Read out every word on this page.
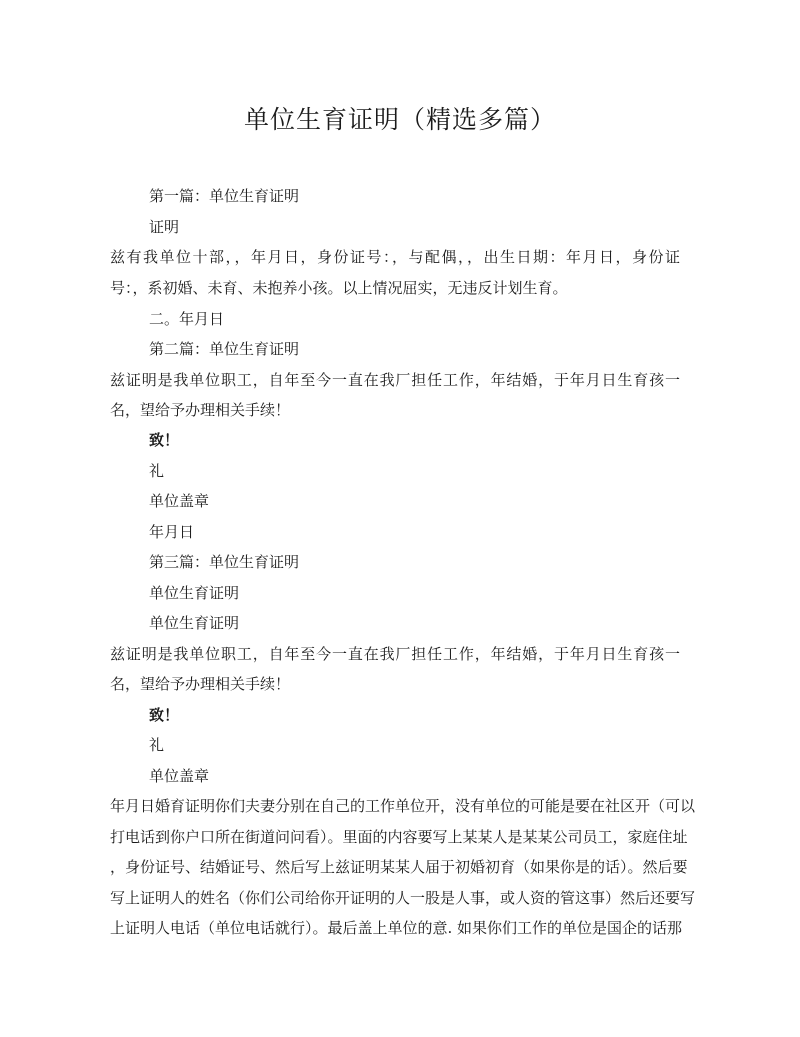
单位生育证明（精选多篇）
第一篇：单位生育证明
证明
兹有我单位十部，，年月日，身份证号：，与配偶，，出生日期：年月日，身份证
号：，系初婚、未育、未抱养小孩。以上情况屈实，无违反计划生育。
二。年月日
第二篇：单位生育证明
兹证明是我单位职工，自年至今一直在我厂担任工作，年结婚，于年月日生育孩一
名，望给予办理相关手续！
致！
礼
单位盖章
年月日
第三篇：单位生育证明
单位生育证明
单位生育证明
兹证明是我单位职工，自年至今一直在我厂担任工作，年结婚，于年月日生育孩一
名，望给予办理相关手续！
致！
礼
单位盖章
年月日婚育证明你们夫妻分别在自己的工作单位开，没有单位的可能是要在社区开（可以
打电话到你户口所在街道问问看）。里面的内容要写上某某人是某某公司员工，家庭住址
，身份证号、结婚证号、然后写上兹证明某某人届于初婚初育（如果你是的话）。然后要
写上证明人的姓名（你们公司给你开证明的人一股是人事，或人资的管这事）然后还要写
上证明人电话（单位电话就行）。最后盖上单位的意. 如果你们工作的单位是国企的话那
